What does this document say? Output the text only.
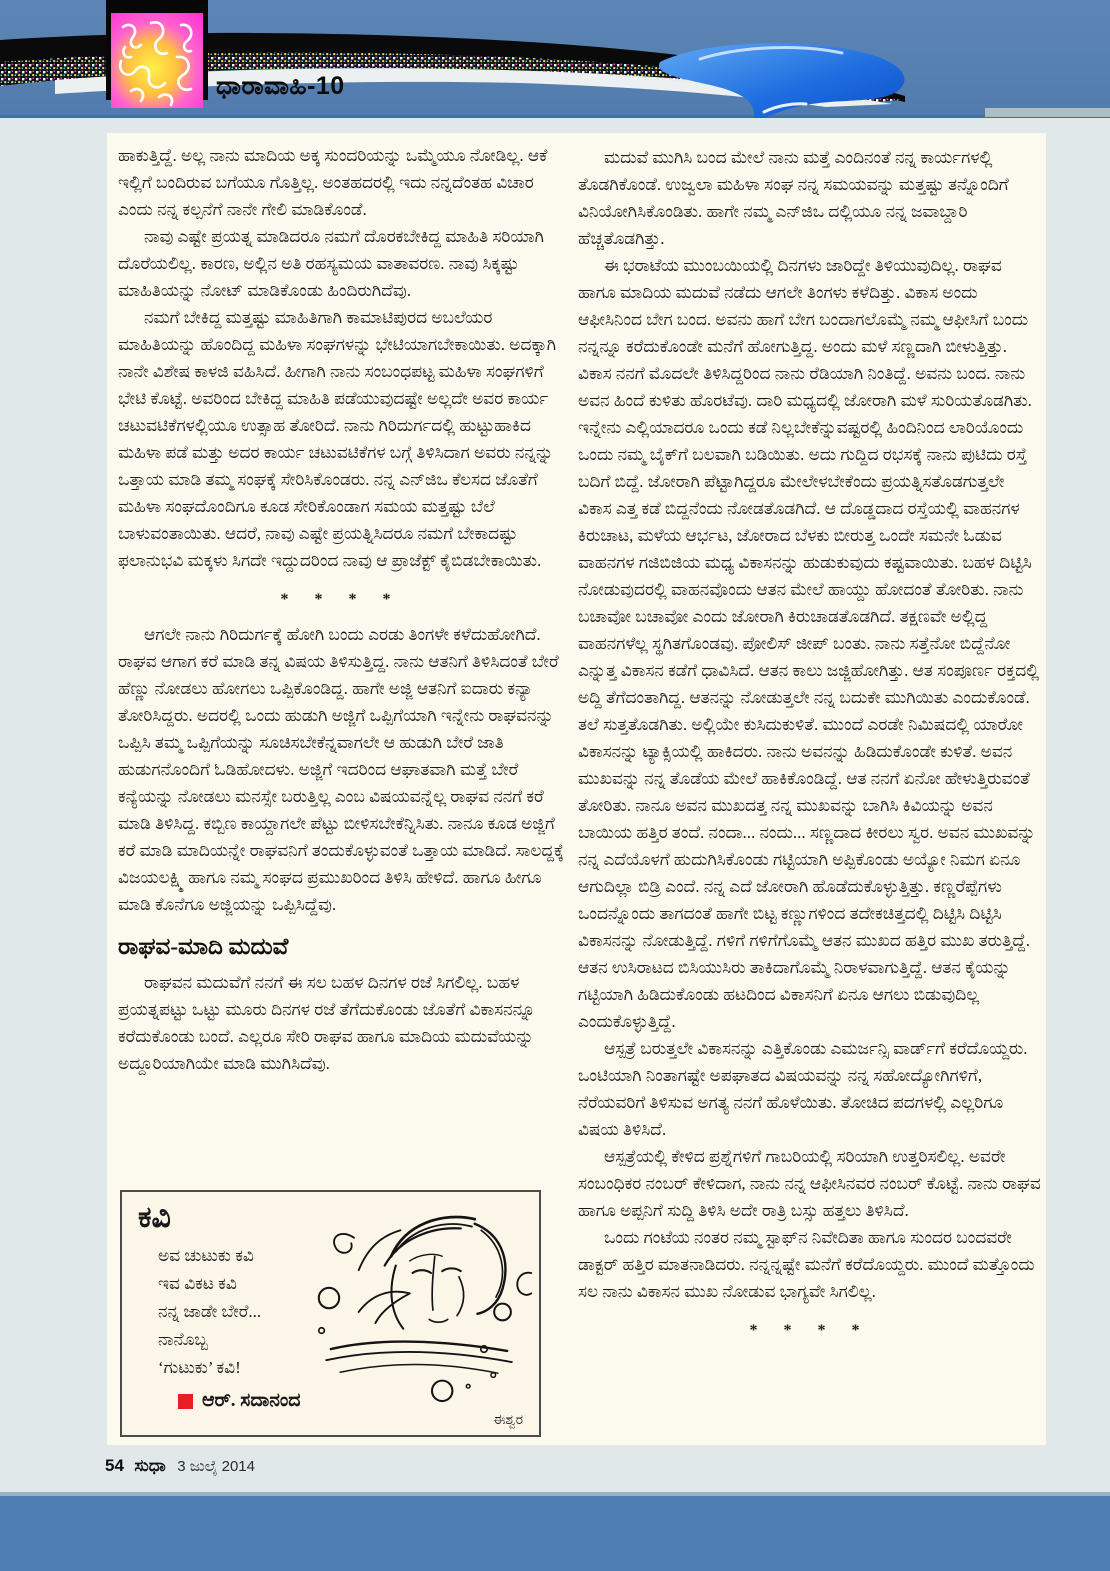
ಧಾರಾವಾಹಿ-10

ಹಾಕುತ್ತಿದ್ದೆ. ಅಲ್ಲ ನಾನು ಮಾದಿಯ ಅಕ್ಕ ಸುಂದರಿಯನ್ನು ಒಮ್ಮೆಯೂ ನೋಡಿಲ್ಲ. ಆಕೆ ಇಲ್ಲಿಗೆ ಬಂದಿರುವ ಬಗೆಯೂ ಗೊತ್ತಿಲ್ಲ. ಅಂತಹದರಲ್ಲಿ ಇದು ನನ್ನದೆಂತಹ ವಿಚಾರ ಎಂದು ನನ್ನ ಕಲ್ಪನೆಗೆ ನಾನೇ ಗೇಲಿ ಮಾಡಿಕೊಂಡೆ.

ನಾವು ಎಷ್ಟೇ ಪ್ರಯತ್ನ ಮಾಡಿದರೂ ನಮಗೆ ದೊರಕಬೇಕಿದ್ದ ಮಾಹಿತಿ ಸರಿಯಾಗಿ ದೊರೆಯಲಿಲ್ಲ. ಕಾರಣ, ಅಲ್ಲಿನ ಅತಿ ರಹಸ್ಯಮಯ ವಾತಾವರಣ. ನಾವು ಸಿಕ್ಕಷ್ಟು ಮಾಹಿತಿಯನ್ನು ನೋಟ್ ಮಾಡಿಕೊಂಡು ಹಿಂದಿರುಗಿದೆವು.

ನಮಗೆ ಬೇಕಿದ್ದ ಮತ್ತಷ್ಟು ಮಾಹಿತಿಗಾಗಿ ಕಾಮಾಟಿಪುರದ ಅಬಲೆಯರ ಮಾಹಿತಿಯನ್ನು ಹೊಂದಿದ್ದ ಮಹಿಳಾ ಸಂಘಗಳನ್ನು ಭೇಟಿಯಾಗಬೇಕಾಯಿತು. ಅದಕ್ಕಾಗಿ ನಾನೇ ವಿಶೇಷ ಕಾಳಜಿ ವಹಿಸಿದೆ. ಹೀಗಾಗಿ ನಾನು ಸಂಬಂಧಪಟ್ಟ ಮಹಿಳಾ ಸಂಘಗಳಿಗೆ ಭೇಟಿ ಕೊಟ್ಟೆ. ಅವರಿಂದ ಬೇಕಿದ್ದ ಮಾಹಿತಿ ಪಡೆಯುವುದಷ್ಟೇ ಅಲ್ಲದೇ ಅವರ ಕಾರ್ಯ ಚಟುವಟಿಕೆಗಳಲ್ಲಿಯೂ ಉತ್ಸಾಹ ತೋರಿದೆ. ನಾನು ಗಿರಿದುರ್ಗದಲ್ಲಿ ಹುಟ್ಟುಹಾಕಿದ ಮಹಿಳಾ ಪಡೆ ಮತ್ತು ಅದರ ಕಾರ್ಯ ಚಟುವಟಿಕೆಗಳ ಬಗ್ಗೆ ತಿಳಿಸಿದಾಗ ಅವರು ನನ್ನನ್ನು ಒತ್ತಾಯ ಮಾಡಿ ತಮ್ಮ ಸಂಘಕ್ಕೆ ಸೇರಿಸಿಕೊಂಡರು. ನನ್ನ ಎನ್‌ಜಿಒ ಕೆಲಸದ ಜೊತೆಗೆ ಮಹಿಳಾ ಸಂಘದೊಂದಿಗೂ ಕೂಡ ಸೇರಿಕೊಂಡಾಗ ಸಮಯ ಮತ್ತಷ್ಟು ಬೆಲೆ ಬಾಳುವಂತಾಯಿತು. ಆದರೆ, ನಾವು ಎಷ್ಟೇ ಪ್ರಯತ್ನಿಸಿದರೂ ನಮಗೆ ಬೇಕಾದಷ್ಟು ಫಲಾನುಭವಿ ಮಕ್ಕಳು ಸಿಗದೇ ಇದ್ದುದರಿಂದ ನಾವು ಆ ಪ್ರಾಜೆಕ್ಟ್ ಕೈಬಿಡಬೇಕಾಯಿತು.

* * * *

ಆಗಲೇ ನಾನು ಗಿರಿದುರ್ಗಕ್ಕೆ ಹೋಗಿ ಬಂದು ಎರಡು ತಿಂಗಳೇ ಕಳೆದುಹೋಗಿದೆ. ರಾಘವ ಆಗಾಗ ಕರೆ ಮಾಡಿ ತನ್ನ ವಿಷಯ ತಿಳಿಸುತ್ತಿದ್ದ. ನಾನು ಆತನಿಗೆ ತಿಳಿಸಿದಂತೆ ಬೇರೆ ಹೆಣ್ಣು ನೋಡಲು ಹೋಗಲು ಒಪ್ಪಿಕೊಂಡಿದ್ದ. ಹಾಗೇ ಅಜ್ಜಿ ಆತನಿಗೆ ಐದಾರು ಕನ್ಯಾ ತೋರಿಸಿದ್ದರು. ಅದರಲ್ಲಿ ಒಂದು ಹುಡುಗಿ ಅಜ್ಜಿಗೆ ಒಪ್ಪಿಗೆಯಾಗಿ ಇನ್ನೇನು ರಾಘವನನ್ನು ಒಪ್ಪಿಸಿ ತಮ್ಮ ಒಪ್ಪಿಗೆಯನ್ನು ಸೂಚಿಸಬೇಕೆನ್ನವಾಗಲೇ ಆ ಹುಡುಗಿ ಬೇರೆ ಜಾತಿ ಹುಡುಗನೊಂದಿಗೆ ಓಡಿಹೋದಳು. ಅಜ್ಜಿಗೆ ಇದರಿಂದ ಆಘಾತವಾಗಿ ಮತ್ತೆ ಬೇರೆ ಕನ್ಯೆಯನ್ನು ನೋಡಲು ಮನಸ್ಸೇ ಬರುತ್ತಿಲ್ಲ ಎಂಬ ವಿಷಯವನ್ನೆಲ್ಲ ರಾಘವ ನನಗೆ ಕರೆ ಮಾಡಿ ತಿಳಿಸಿದ್ದ. ಕಬ್ಬಿಣ ಕಾಯ್ದಾಗಲೇ ಪೆಟ್ಟು ಬೀಳಿಸಬೇಕೆನ್ನಿಸಿತು. ನಾನೂ ಕೂಡ ಅಜ್ಜಿಗೆ ಕರೆ ಮಾಡಿ ಮಾದಿಯನ್ನೇ ರಾಘವನಿಗೆ ತಂದುಕೊಳ್ಳುವಂತೆ ಒತ್ತಾಯ ಮಾಡಿದೆ. ಸಾಲದ್ದಕ್ಕೆ ವಿಜಯಲಕ್ಷ್ಮಿ ಹಾಗೂ ನಮ್ಮ ಸಂಘದ ಪ್ರಮುಖರಿಂದ ತಿಳಿಸಿ ಹೇಳಿದೆ. ಹಾಗೂ ಹೀಗೂ ಮಾಡಿ ಕೊನೆಗೂ ಅಜ್ಜಿಯನ್ನು ಒಪ್ಪಿಸಿದ್ದೆವು.

ರಾಘವ-ಮಾದಿ ಮದುವೆ

ರಾಘವನ ಮದುವೆಗೆ ನನಗೆ ಈ ಸಲ ಬಹಳ ದಿನಗಳ ರಜೆ ಸಿಗಲಿಲ್ಲ. ಬಹಳ ಪ್ರಯತ್ನಪಟ್ಟು ಒಟ್ಟು ಮೂರು ದಿನಗಳ ರಜೆ ತೆಗೆದುಕೊಂಡು ಜೊತೆಗೆ ವಿಕಾಸನನ್ನೂ ಕರೆದುಕೊಂಡು ಬಂದೆ. ಎಲ್ಲರೂ ಸೇರಿ ರಾಘವ ಹಾಗೂ ಮಾದಿಯ ಮದುವೆಯನ್ನು ಅದ್ದೂರಿಯಾಗಿಯೇ ಮಾಡಿ ಮುಗಿಸಿದೆವು.

ಕವಿ

ಅವ ಚುಟುಕು ಕವಿ

ಇವ ವಿಕಟ ಕವಿ

ನನ್ನ ಜಾಡೇ ಬೇರೆ...

ನಾನೊಬ್ಬ

‘ಗುಟುಕು’ ಕವಿ!

ಆರ್. ಸದಾನಂದ
ಈಶ್ವರ

ಮದುವೆ ಮುಗಿಸಿ ಬಂದ ಮೇಲೆ ನಾನು ಮತ್ತೆ ಎಂದಿನಂತೆ ನನ್ನ ಕಾರ್ಯಗಳಲ್ಲಿ ತೊಡಗಿಕೊಂಡೆ. ಉಜ್ವಲಾ ಮಹಿಳಾ ಸಂಘ ನನ್ನ ಸಮಯವನ್ನು ಮತ್ತಷ್ಟು ತನ್ನೊಂದಿಗೆ ವಿನಿಯೋಗಿಸಿಕೊಂಡಿತು. ಹಾಗೇ ನಮ್ಮ ಎನ್‌ಜಿಒ ದಲ್ಲಿಯೂ ನನ್ನ ಜವಾಬ್ದಾರಿ ಹೆಚ್ಚತೊಡಗಿತ್ತು.

ಈ ಭರಾಟೆಯ ಮುಂಬಯಿಯಲ್ಲಿ ದಿನಗಳು ಜಾರಿದ್ದೇ ತಿಳಿಯುವುದಿಲ್ಲ. ರಾಘವ ಹಾಗೂ ಮಾದಿಯ ಮದುವೆ ನಡೆದು ಆಗಲೇ ತಿಂಗಳು ಕಳೆದಿತ್ತು. ವಿಕಾಸ ಅಂದು ಆಫೀಸಿನಿಂದ ಬೇಗ ಬಂದ. ಅವನು ಹಾಗೆ ಬೇಗ ಬಂದಾಗಲೊಮ್ಮೆ ನಮ್ಮ ಆಫೀಸಿಗೆ ಬಂದು ನನ್ನನ್ನೂ ಕರೆದುಕೊಂಡೇ ಮನೆಗೆ ಹೋಗುತ್ತಿದ್ದ. ಅಂದು ಮಳೆ ಸಣ್ಣದಾಗಿ ಬೀಳುತ್ತಿತ್ತು. ವಿಕಾಸ ನನಗೆ ಮೊದಲೇ ತಿಳಿಸಿದ್ದರಿಂದ ನಾನು ರೆಡಿಯಾಗಿ ನಿಂತಿದ್ದೆ. ಅವನು ಬಂದ. ನಾನು ಅವನ ಹಿಂದೆ ಕುಳಿತು ಹೊರಟೆವು. ದಾರಿ ಮಧ್ಯದಲ್ಲಿ ಜೋರಾಗಿ ಮಳೆ ಸುರಿಯತೊಡಗಿತು. ಇನ್ನೇನು ಎಲ್ಲಿಯಾದರೂ ಒಂದು ಕಡೆ ನಿಲ್ಲಬೇಕೆನ್ನುವಷ್ಟರಲ್ಲಿ ಹಿಂದಿನಿಂದ ಲಾರಿಯೊಂದು ಒಂದು ನಮ್ಮ ಬೈಕ್‌ಗೆ ಬಲವಾಗಿ ಬಡಿಯಿತು. ಅದು ಗುದ್ದಿದ ರಭಸಕ್ಕೆ ನಾನು ಪುಟಿದು ರಸ್ತೆ ಬದಿಗೆ ಬಿದ್ದೆ. ಜೋರಾಗಿ ಪೆಟ್ಟಾಗಿದ್ದರೂ ಮೇಲೇಳಬೇಕೆಂದು ಪ್ರಯತ್ನಿಸತೊಡಗುತ್ತಲೇ ವಿಕಾಸ ಎತ್ತ ಕಡೆ ಬಿದ್ದನೆಂದು ನೋಡತೊಡಗಿದೆ. ಆ ದೊಡ್ಡದಾದ ರಸ್ತೆಯಲ್ಲಿ ವಾಹನಗಳ ಕಿರುಚಾಟ, ಮಳೆಯ ಆರ್ಭಟ, ಜೋರಾದ ಬೆಳಕು ಬೀರುತ್ತ ಒಂದೇ ಸಮನೇ ಓಡುವ ವಾಹನಗಳ ಗಜಿಬಿಜಿಯ ಮಧ್ಯ ವಿಕಾಸನನ್ನು ಹುಡುಕುವುದು ಕಷ್ಟವಾಯಿತು. ಬಹಳ ದಿಟ್ಟಿಸಿ ನೋಡುವುದರಲ್ಲಿ ವಾಹನವೊಂದು ಆತನ ಮೇಲೆ ಹಾಯ್ದು ಹೋದಂತೆ ತೋರಿತು. ನಾನು ಬಚಾವೋ ಬಚಾವೋ ಎಂದು ಜೋರಾಗಿ ಕಿರುಚಾಡತೊಡಗಿದೆ. ತಕ್ಷಣವೇ ಅಲ್ಲಿದ್ದ ವಾಹನಗಳೆಲ್ಲ ಸ್ಥಗಿತಗೊಂಡವು. ಪೋಲಿಸ್ ಜೀಪ್ ಬಂತು. ನಾನು ಸತ್ತೆನೋ ಬಿದ್ದೆನೋ ಎನ್ನುತ್ತ ವಿಕಾಸನ ಕಡೆಗೆ ಧಾವಿಸಿದೆ. ಆತನ ಕಾಲು ಜಜ್ಜಿಹೋಗಿತ್ತು. ಆತ ಸಂಪೂರ್ಣ ರಕ್ತದಲ್ಲಿ ಅದ್ದಿ ತೆಗೆದಂತಾಗಿದ್ದ. ಆತನನ್ನು ನೋಡುತ್ತಲೇ ನನ್ನ ಬದುಕೇ ಮುಗಿಯಿತು ಎಂದುಕೊಂಡೆ. ತಲೆ ಸುತ್ತತೊಡಗಿತು. ಅಲ್ಲಿಯೇ ಕುಸಿದುಕುಳಿತೆ. ಮುಂದೆ ಎರಡೇ ನಿಮಿಷದಲ್ಲಿ ಯಾರೋ ವಿಕಾಸನನ್ನು ಟ್ಯಾಕ್ಸಿಯಲ್ಲಿ ಹಾಕಿದರು. ನಾನು ಅವನನ್ನು ಹಿಡಿದುಕೊಂಡೇ ಕುಳಿತೆ. ಅವನ ಮುಖವನ್ನು ನನ್ನ ತೊಡೆಯ ಮೇಲೆ ಹಾಕಿಕೊಂಡಿದ್ದೆ. ಆತ ನನಗೆ ಏನೋ ಹೇಳುತ್ತಿರುವಂತೆ ತೋರಿತು. ನಾನೂ ಅವನ ಮುಖದತ್ತ ನನ್ನ ಮುಖವನ್ನು ಬಾಗಿಸಿ ಕಿವಿಯನ್ನು ಅವನ ಬಾಯಿಯ ಹತ್ತಿರ ತಂದೆ. ನಂದಾ... ನಂದು... ಸಣ್ಣದಾದ ಕೀರಲು ಸ್ವರ. ಅವನ ಮುಖವನ್ನು ನನ್ನ ಎದೆಯೊಳಗೆ ಹುದುಗಿಸಿಕೊಂಡು ಗಟ್ಟಿಯಾಗಿ ಅಪ್ಪಿಕೊಂಡು ಅಯ್ಯೋ ನಿಮಗ ಏನೂ ಆಗುದಿಲ್ಲಾ ಬಿಡ್ರಿ ಎಂದೆ. ನನ್ನ ಎದೆ ಜೋರಾಗಿ ಹೊಡೆದುಕೊಳ್ಳುತ್ತಿತ್ತು. ಕಣ್ಣರೆಪ್ಪೆಗಳು ಒಂದನ್ನೊಂದು ತಾಗದಂತೆ ಹಾಗೇ ಬಿಟ್ಟ ಕಣ್ಣುಗಳಿಂದ ತದೇಕಚಿತ್ತದಲ್ಲಿ ದಿಟ್ಟಿಸಿ ದಿಟ್ಟಿಸಿ ವಿಕಾಸನನ್ನು ನೋಡುತ್ತಿದ್ದೆ. ಗಳಿಗೆ ಗಳಿಗೆಗೊಮ್ಮೆ ಆತನ ಮುಖದ ಹತ್ತಿರ ಮುಖ ತರುತ್ತಿದ್ದೆ. ಆತನ ಉಸಿರಾಟದ ಬಿಸಿಯುಸಿರು ತಾಕಿದಾಗೊಮ್ಮೆ ನಿರಾಳವಾಗುತ್ತಿದ್ದೆ. ಆತನ ಕೈಯನ್ನು ಗಟ್ಟಿಯಾಗಿ ಹಿಡಿದುಕೊಂಡು ಹಟದಿಂದ ವಿಕಾಸನಿಗೆ ಏನೂ ಆಗಲು ಬಿಡುವುದಿಲ್ಲ ಎಂದುಕೊಳ್ಳುತ್ತಿದ್ದೆ.

ಆಸ್ಪತ್ರೆ ಬರುತ್ತಲೇ ವಿಕಾಸನನ್ನು ಎತ್ತಿಕೊಂಡು ಎಮರ್ಜನ್ಸಿ ವಾರ್ಡ್‌ಗೆ ಕರೆದೊಯ್ದರು. ಒಂಟಿಯಾಗಿ ನಿಂತಾಗಷ್ಟೇ ಅಪಘಾತದ ವಿಷಯವನ್ನು ನನ್ನ ಸಹೋದ್ಯೋಗಿಗಳಿಗೆ, ನೆರೆಯವರಿಗೆ ತಿಳಿಸುವ ಅಗತ್ಯ ನನಗೆ ಹೊಳೆಯಿತು. ತೋಚಿದ ಪದಗಳಲ್ಲಿ ಎಲ್ಲರಿಗೂ ವಿಷಯ ತಿಳಿಸಿದೆ.

ಆಸ್ಪತ್ರೆಯಲ್ಲಿ ಕೇಳಿದ ಪ್ರಶ್ನೆಗಳಿಗೆ ಗಾಬರಿಯಲ್ಲಿ ಸರಿಯಾಗಿ ಉತ್ತರಿಸಲಿಲ್ಲ. ಅವರೇ ಸಂಬಂಧಿಕರ ನಂಬರ್ ಕೇಳಿದಾಗ, ನಾನು ನನ್ನ ಆಫೀಸಿನವರ ನಂಬರ್ ಕೊಟ್ಟೆ. ನಾನು ರಾಘವ ಹಾಗೂ ಅಪ್ಪನಿಗೆ ಸುದ್ದಿ ತಿಳಿಸಿ ಅದೇ ರಾತ್ರಿ ಬಸ್ಸು ಹತ್ತಲು ತಿಳಿಸಿದೆ.

ಒಂದು ಗಂಟೆಯ ನಂತರ ನಮ್ಮ ಸ್ಟಾಫ್‌ನ ನಿವೇದಿತಾ ಹಾಗೂ ಸುಂದರ ಬಂದವರೇ ಡಾಕ್ಟರ್ ಹತ್ತಿರ ಮಾತನಾಡಿದರು. ನನ್ನನ್ನಷ್ಟೇ ಮನೆಗೆ ಕರೆದೊಯ್ದರು. ಮುಂದೆ ಮತ್ತೊಂದು ಸಲ ನಾನು ವಿಕಾಸನ ಮುಖ ನೋಡುವ ಭಾಗ್ಯವೇ ಸಿಗಲಿಲ್ಲ.

* * * *
54 ಸುಧಾ 3 ಜುಲೈ 2014
